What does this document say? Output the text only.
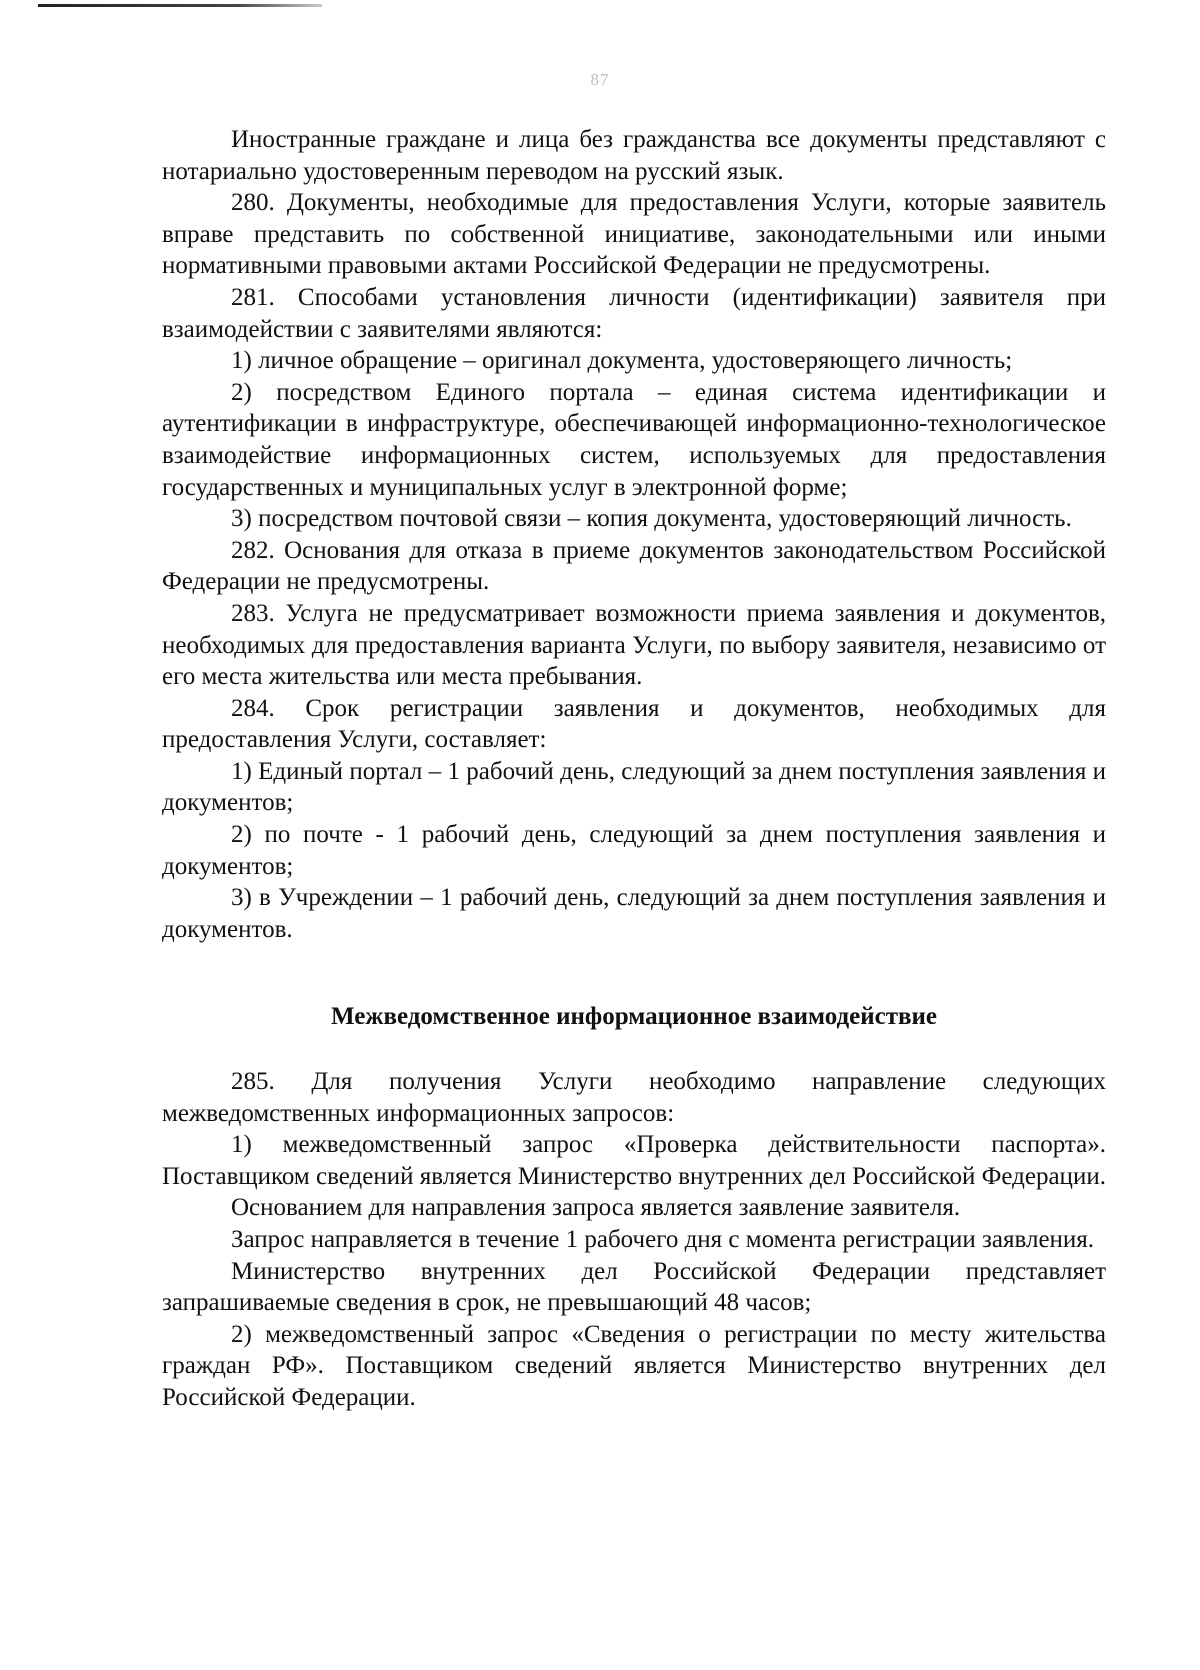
87

Иностранные граждане и лица без гражданства все документы представляют с нотариально удостоверенным переводом на русский язык.

280. Документы, необходимые для предоставления Услуги, которые заявитель вправе представить по собственной инициативе, законодательными или иными нормативными правовыми актами Российской Федерации не предусмотрены.

281. Способами установления личности (идентификации) заявителя при взаимодействии с заявителями являются:

1) личное обращение – оригинал документа, удостоверяющего личность;

2) посредством Единого портала – единая система идентификации и аутентификации в инфраструктуре, обеспечивающей информационно-технологическое взаимодействие информационных систем, используемых для предоставления государственных и муниципальных услуг в электронной форме;

3) посредством почтовой связи – копия документа, удостоверяющий личность.

282. Основания для отказа в приеме документов законодательством Российской Федерации не предусмотрены.

283. Услуга не предусматривает возможности приема заявления и документов, необходимых для предоставления варианта Услуги, по выбору заявителя, независимо от его места жительства или места пребывания.

284. Срок регистрации заявления и документов, необходимых для предоставления Услуги, составляет:

1) Единый портал – 1 рабочий день, следующий за днем поступления заявления и документов;

2) по почте - 1 рабочий день, следующий за днем поступления заявления и документов;

3) в Учреждении – 1 рабочий день, следующий за днем поступления заявления и документов.

Межведомственное информационное взаимодействие

285. Для получения Услуги необходимо направление следующих межведомственных информационных запросов:

1) межведомственный запрос «Проверка действительности паспорта». Поставщиком сведений является Министерство внутренних дел Российской Федерации.

Основанием для направления запроса является заявление заявителя.

Запрос направляется в течение 1 рабочего дня с момента регистрации заявления.

Министерство внутренних дел Российской Федерации представляет запрашиваемые сведения в срок, не превышающий 48 часов;

2) межведомственный запрос «Сведения о регистрации по месту жительства граждан РФ». Поставщиком сведений является Министерство внутренних дел Российской Федерации.
